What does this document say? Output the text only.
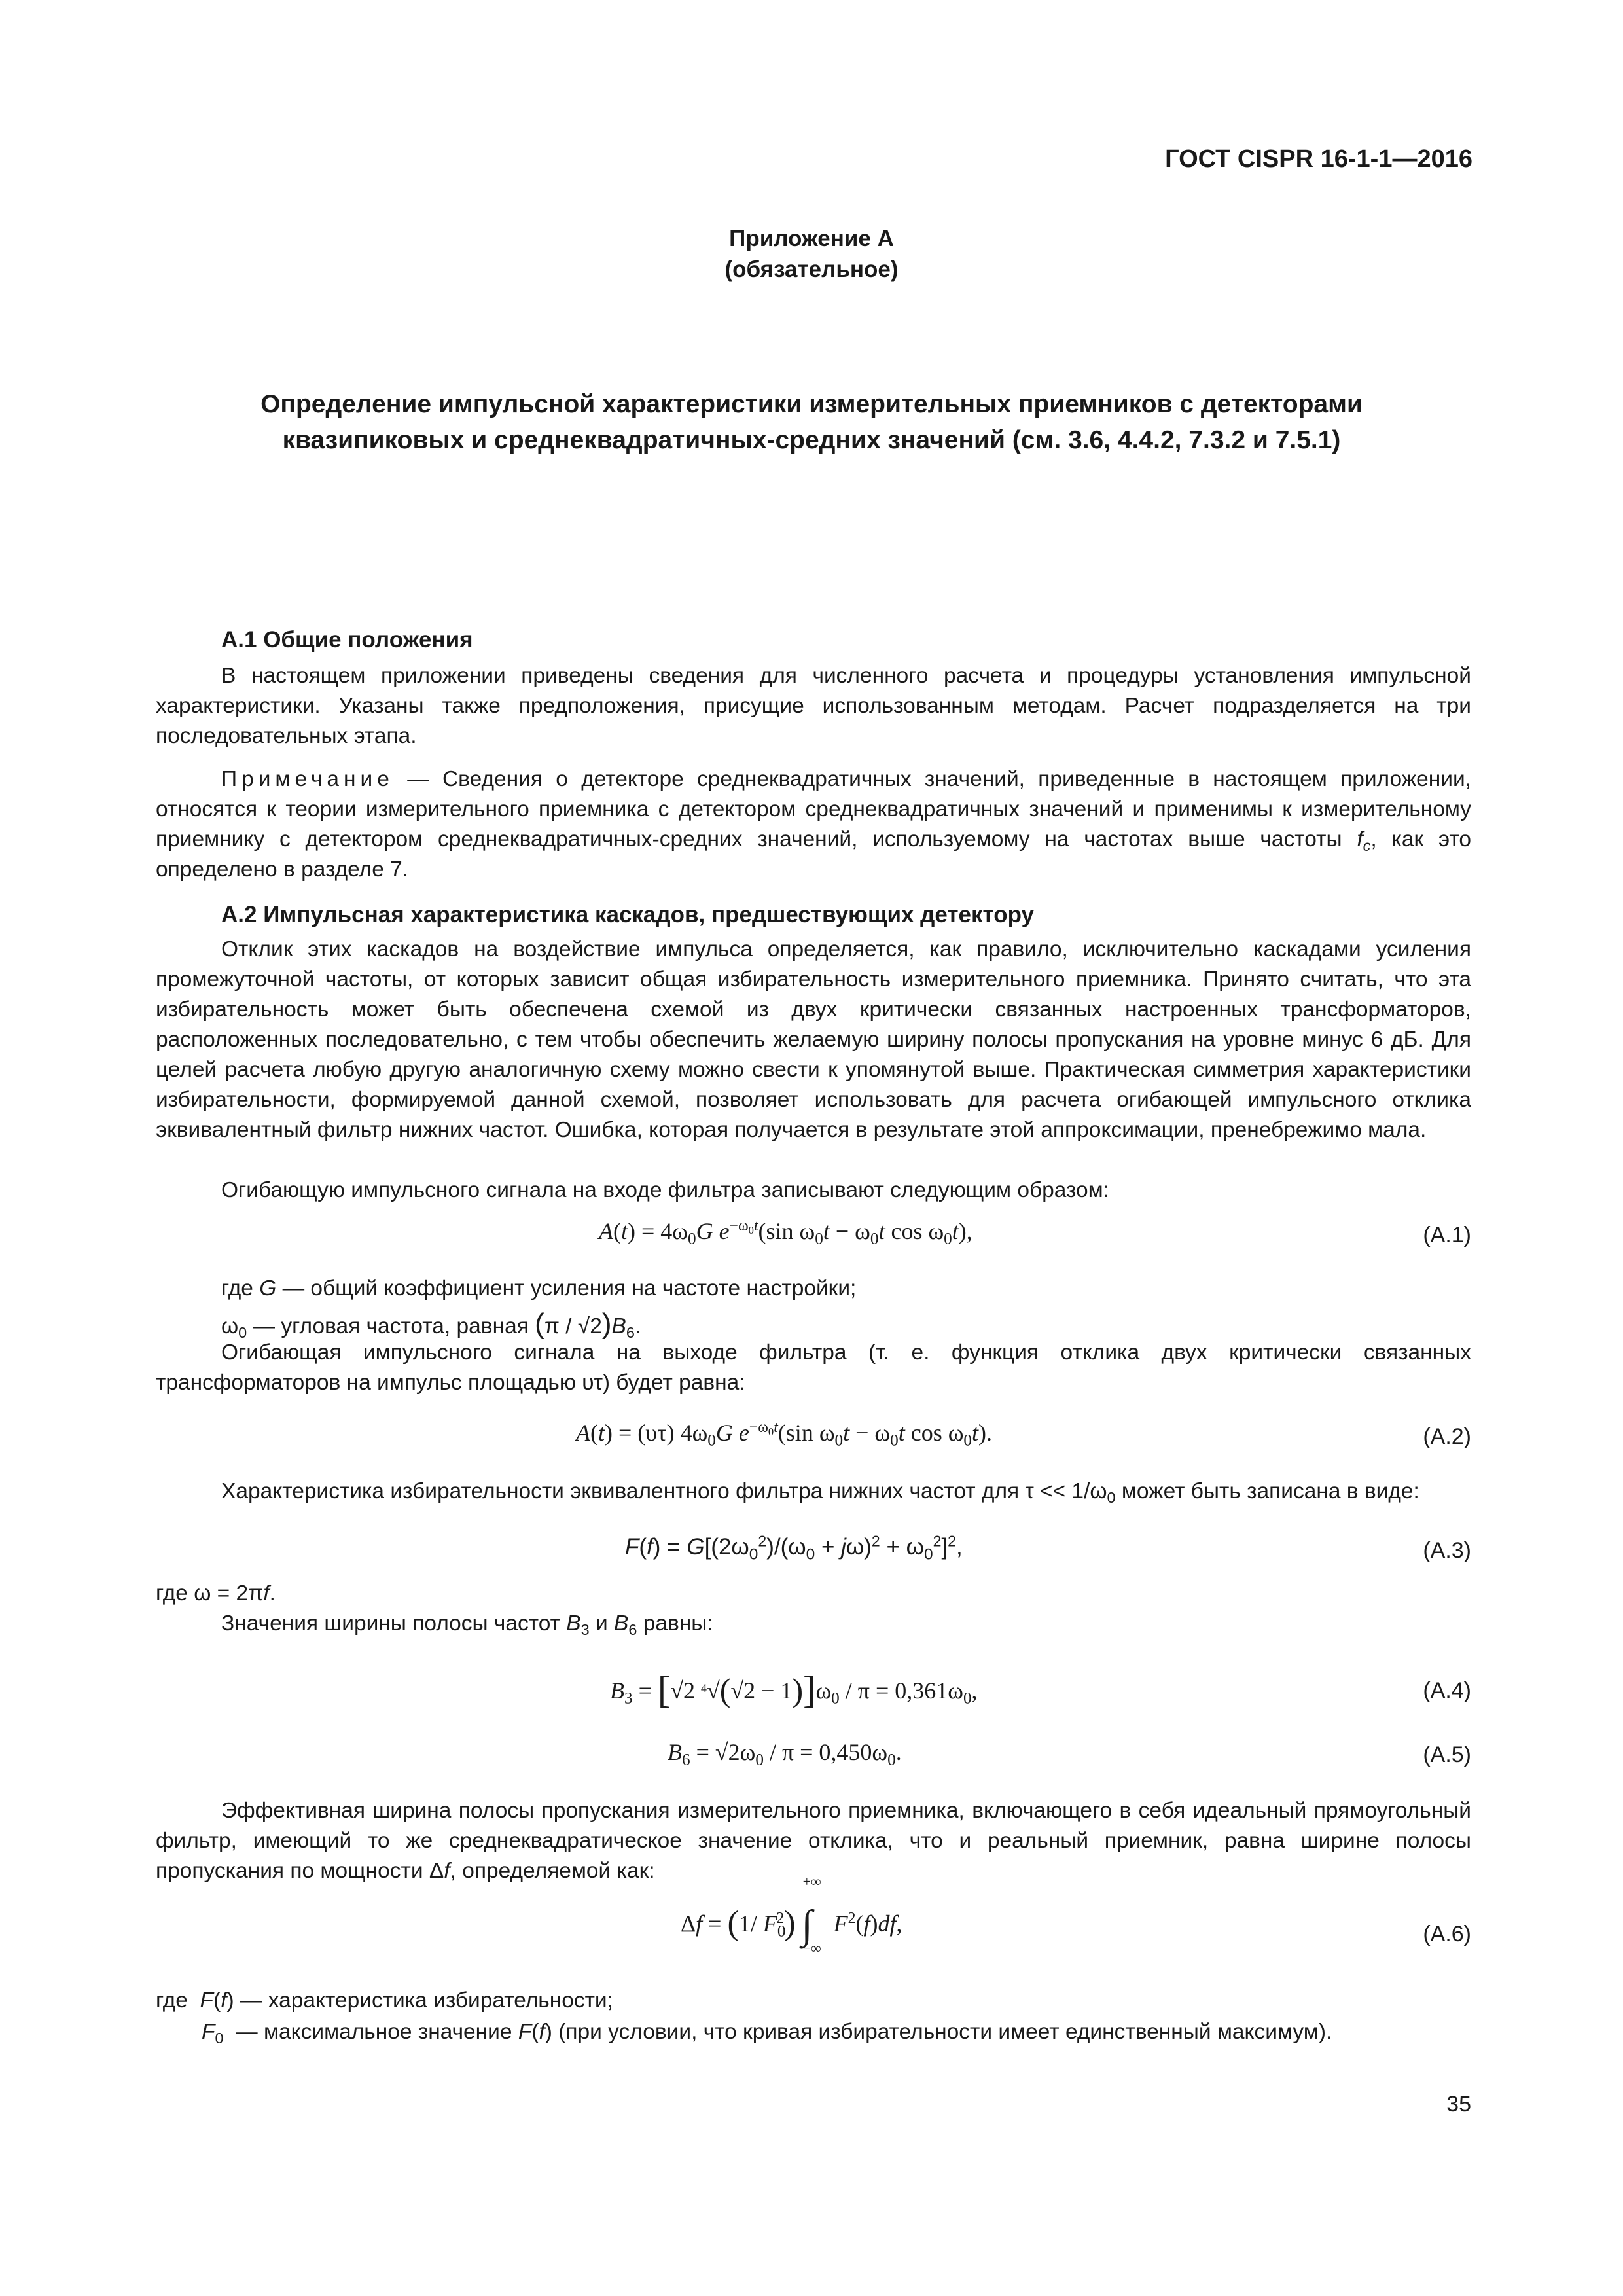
ГОСТ CISPR 16-1-1—2016
Приложение А
(обязательное)
Определение импульсной характеристики измерительных приемников с детекторами
квазипиковых и среднеквадратичных-средних значений (см. 3.6, 4.4.2, 7.3.2 и 7.5.1)
А.1 Общие положения

В настоящем приложении приведены сведения для численного расчета и процедуры установления импульсной характеристики. Указаны также предположения, присущие использованным методам. Расчет подразделяется на три последовательных этапа.

Примечание — Сведения о детекторе среднеквадратичных значений, приведенные в настоящем приложении, относятся к теории измерительного приемника с детектором среднеквадратичных значений и применимы к измерительному приемнику с детектором среднеквадратичных-средних значений, используемому на частотах выше частоты $f_c$, как это определено в разделе 7.

А.2 Импульсная характеристика каскадов, предшествующих детектору

Отклик этих каскадов на воздействие импульса определяется, как правило, исключительно каскадами усиления промежуточной частоты, от которых зависит общая избирательность измерительного приемника. Принято считать, что эта избирательность может быть обеспечена схемой из двух критически связанных настроенных трансформаторов, расположенных последовательно, с тем чтобы обеспечить желаемую ширину полосы пропускания на уровне минус 6 дБ. Для целей расчета любую другую аналогичную схему можно свести к упомянутой выше. Практическая симметрия характеристики избирательности, формируемой данной схемой, позволяет использовать для расчета огибающей импульсного отклика эквивалентный фильтр нижних частот. Ошибка, которая получается в результате этой аппроксимации, пренебрежимо мала.

Огибающую импульсного сигнала на входе фильтра записывают следующим образом:
$A(t) = 4\omega_0G$ $e^{-\omega_0t}(\sin$ $\omega_0t - \omega_0t$ $\cos \omega_0t$),	(А.1)
где G — общий коэффициент усиления на частоте настройки;
$\omega_0$ — угловая частота, равная $(\pi / √2)B_6$.

Огибающая импульсного сигнала на выходе фильтра (т. е. функция отклика двух критически связанных трансформаторов на импульс площадью υτ) будет равна:

A(t) = (υτ) $4\omega_0G$ $e^{-\omega_0t}(\sin$ $\omega_0t - \omega_0t$ $\cos \omega_0t$).	(А.2)

Характеристика избирательности эквивалентного фильтра нижних частот для $\tau << 1/\omega_0$ может быть записана в виде:

$F(f) = G[(2\omega_0^2)/(\omega_0 + j\omega)^2 + \omega_0^2]^2$,	(А.3)
где ω = 2πf.
Значения ширины полосы частот $B_3$ и $B_6$ равны:
$B_3 = [√2$ $^4√(√2 - 1)]\omega_0 / \pi = 0,361\omega_0$,	(А.4)
$B_6 = √2\omega_0 / \pi = 0,450\omega_0$.	(А.5)

Эффективная ширина полосы пропускания измерительного приемника, включающего в себя идеальный прямоугольный фильтр, имеющий то же среднеквадратическое значение отклика, что и реальный приемник, равна ширине полосы пропускания по мощности Δf, определяемой как:

Δf = (1/ $F_0^2$)
+∞
∫
−∞
$F^2(f)df$,	(А.6)
где  F(f) — характеристика избирательности;
$F_0$  — максимальное значение F(f) (при условии, что кривая избирательности имеет единственный максимум).
35
